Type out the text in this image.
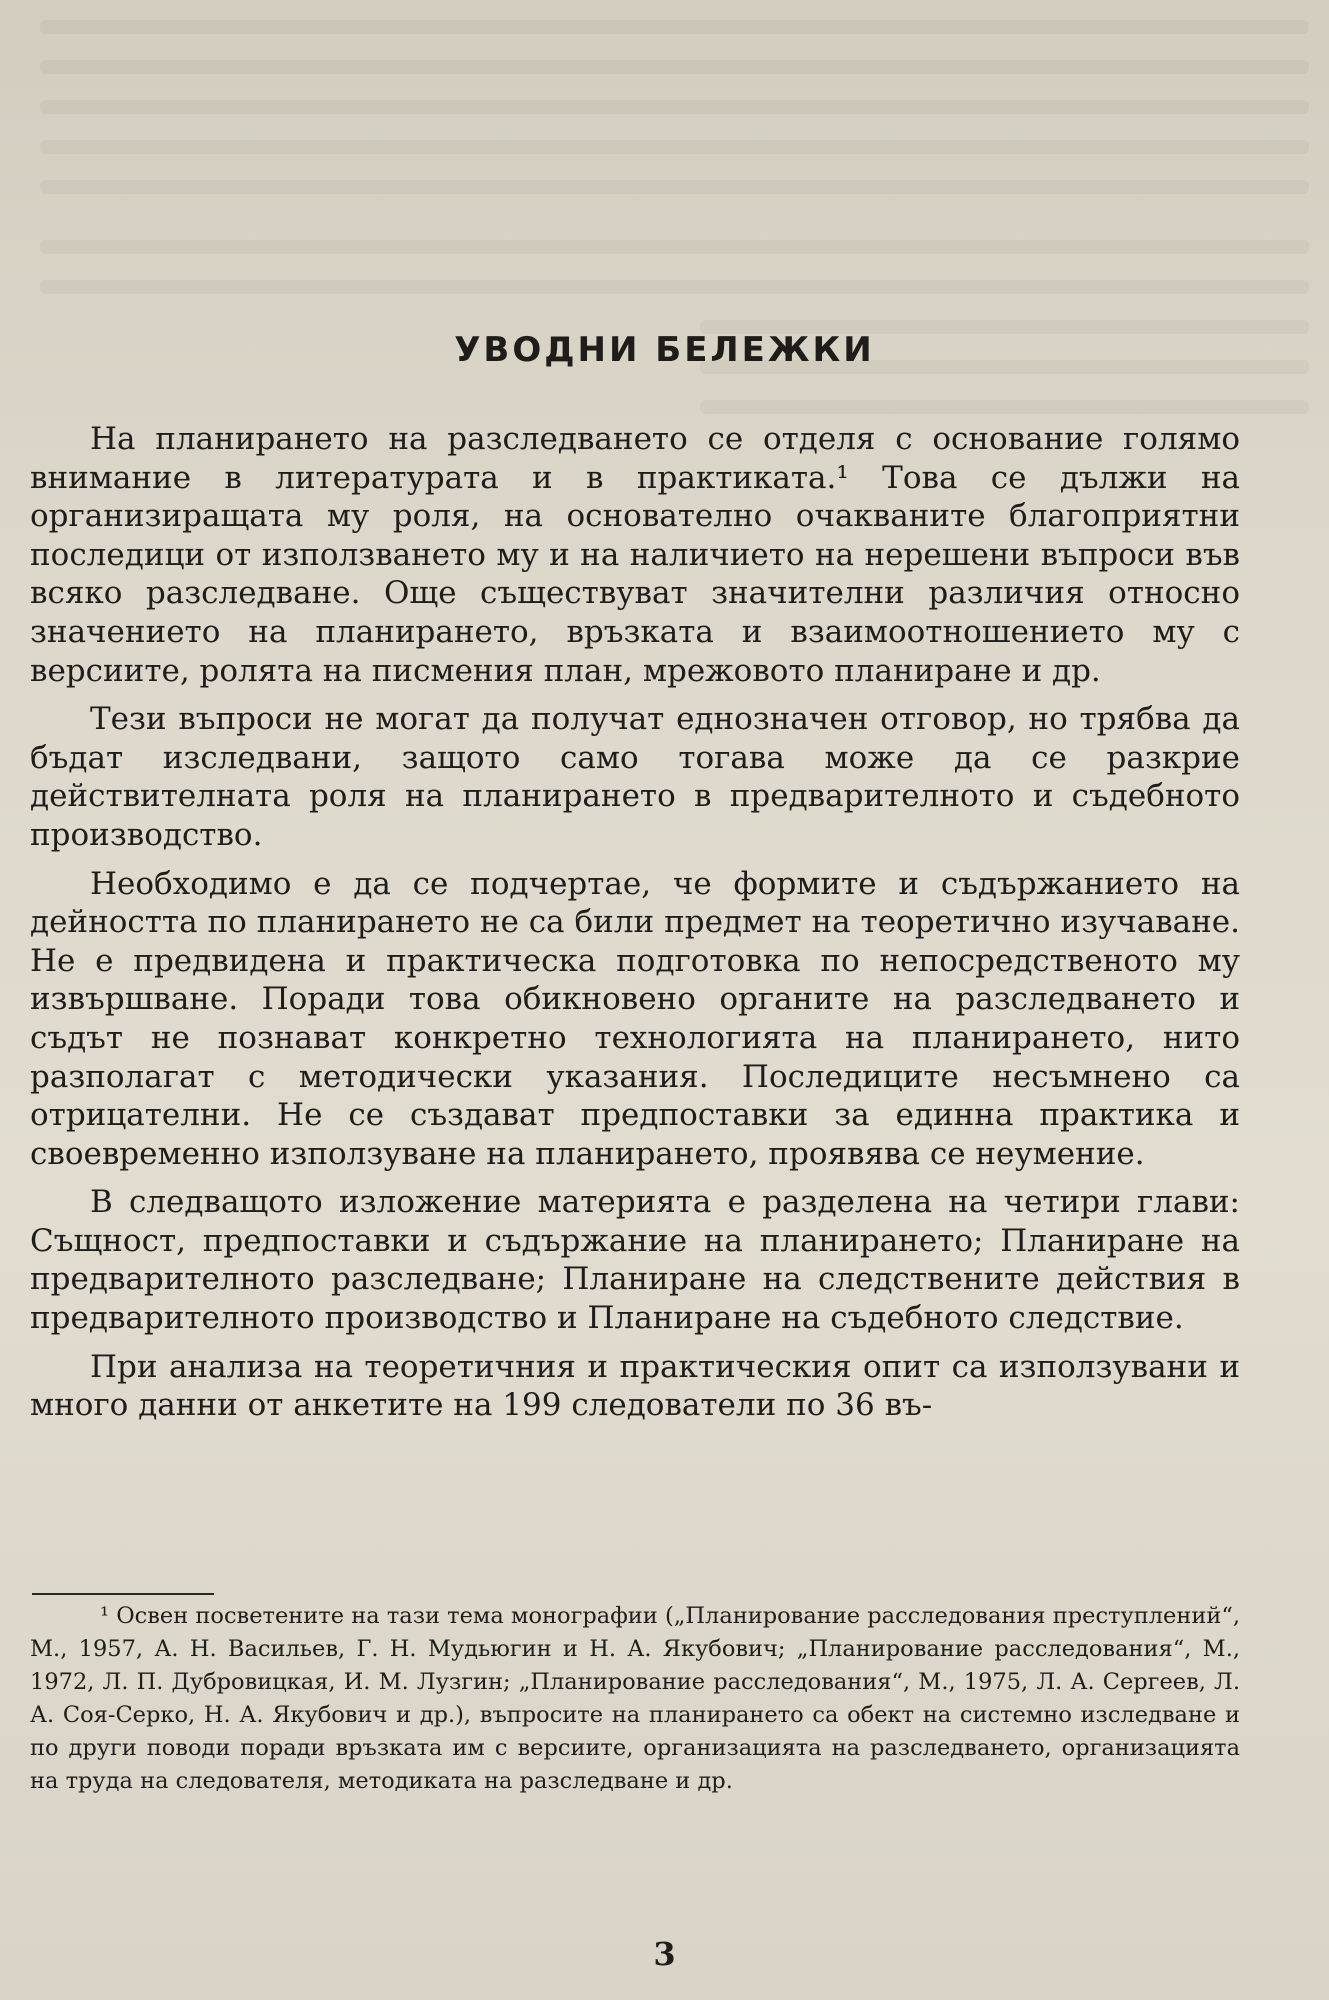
УВОДНИ БЕЛЕЖКИ

На планирането на разследването се отделя с основание голямо внимание в литературата и в практиката.¹ Това се дължи на организиращата му роля, на основателно очакваните благоприятни последици от използването му и на наличието на нерешени въпроси във всяко разследване. Още съществуват значителни различия относно значението на планирането, връзката и взаимоотношението му с версиите, ролята на писмения план, мрежовото планиране и др.

Тези въпроси не могат да получат еднозначен отговор, но трябва да бъдат изследвани, защото само тогава може да се разкрие действителната роля на планирането в предварителното и съдебното производство.

Необходимо е да се подчертае, че формите и съдържанието на дейността по планирането не са били предмет на теоретично изучаване. Не е предвидена и практическа подготовка по непосредственото му извършване. Поради това обикновено органите на разследването и съдът не познават конкретно технологията на планирането, нито разполагат с методически указания. Последиците несъмнено са отрицателни. Не се създават предпоставки за единна практика и своевременно използуване на планирането, проявява се неумение.

В следващото изложение материята е разделена на четири глави: Същност, предпоставки и съдържание на планирането; Планиране на предварителното разследване; Планиране на следствените действия в предварителното производство и Планиране на съдебното следствие.

При анализа на теоретичния и практическия опит са използувани и много данни от анкетите на 199 следователи по 36 въ-

¹ Освен посветените на тази тема монографии („Планирование расследования преступлений“, М., 1957, А. Н. Васильев, Г. Н. Мудьюгин и Н. А. Якубович; „Планирование расследования“, М., 1972, Л. П. Дубровицкая, И. М. Лузгин; „Планирование расследования“, М., 1975, Л. А. Сергеев, Л. А. Соя-Серко, Н. А. Якубович и др.), въпросите на планирането са обект на системно изследване и по други поводи поради връзката им с версиите, организацията на разследването, организацията на труда на следователя, методиката на разследване и др.
3
